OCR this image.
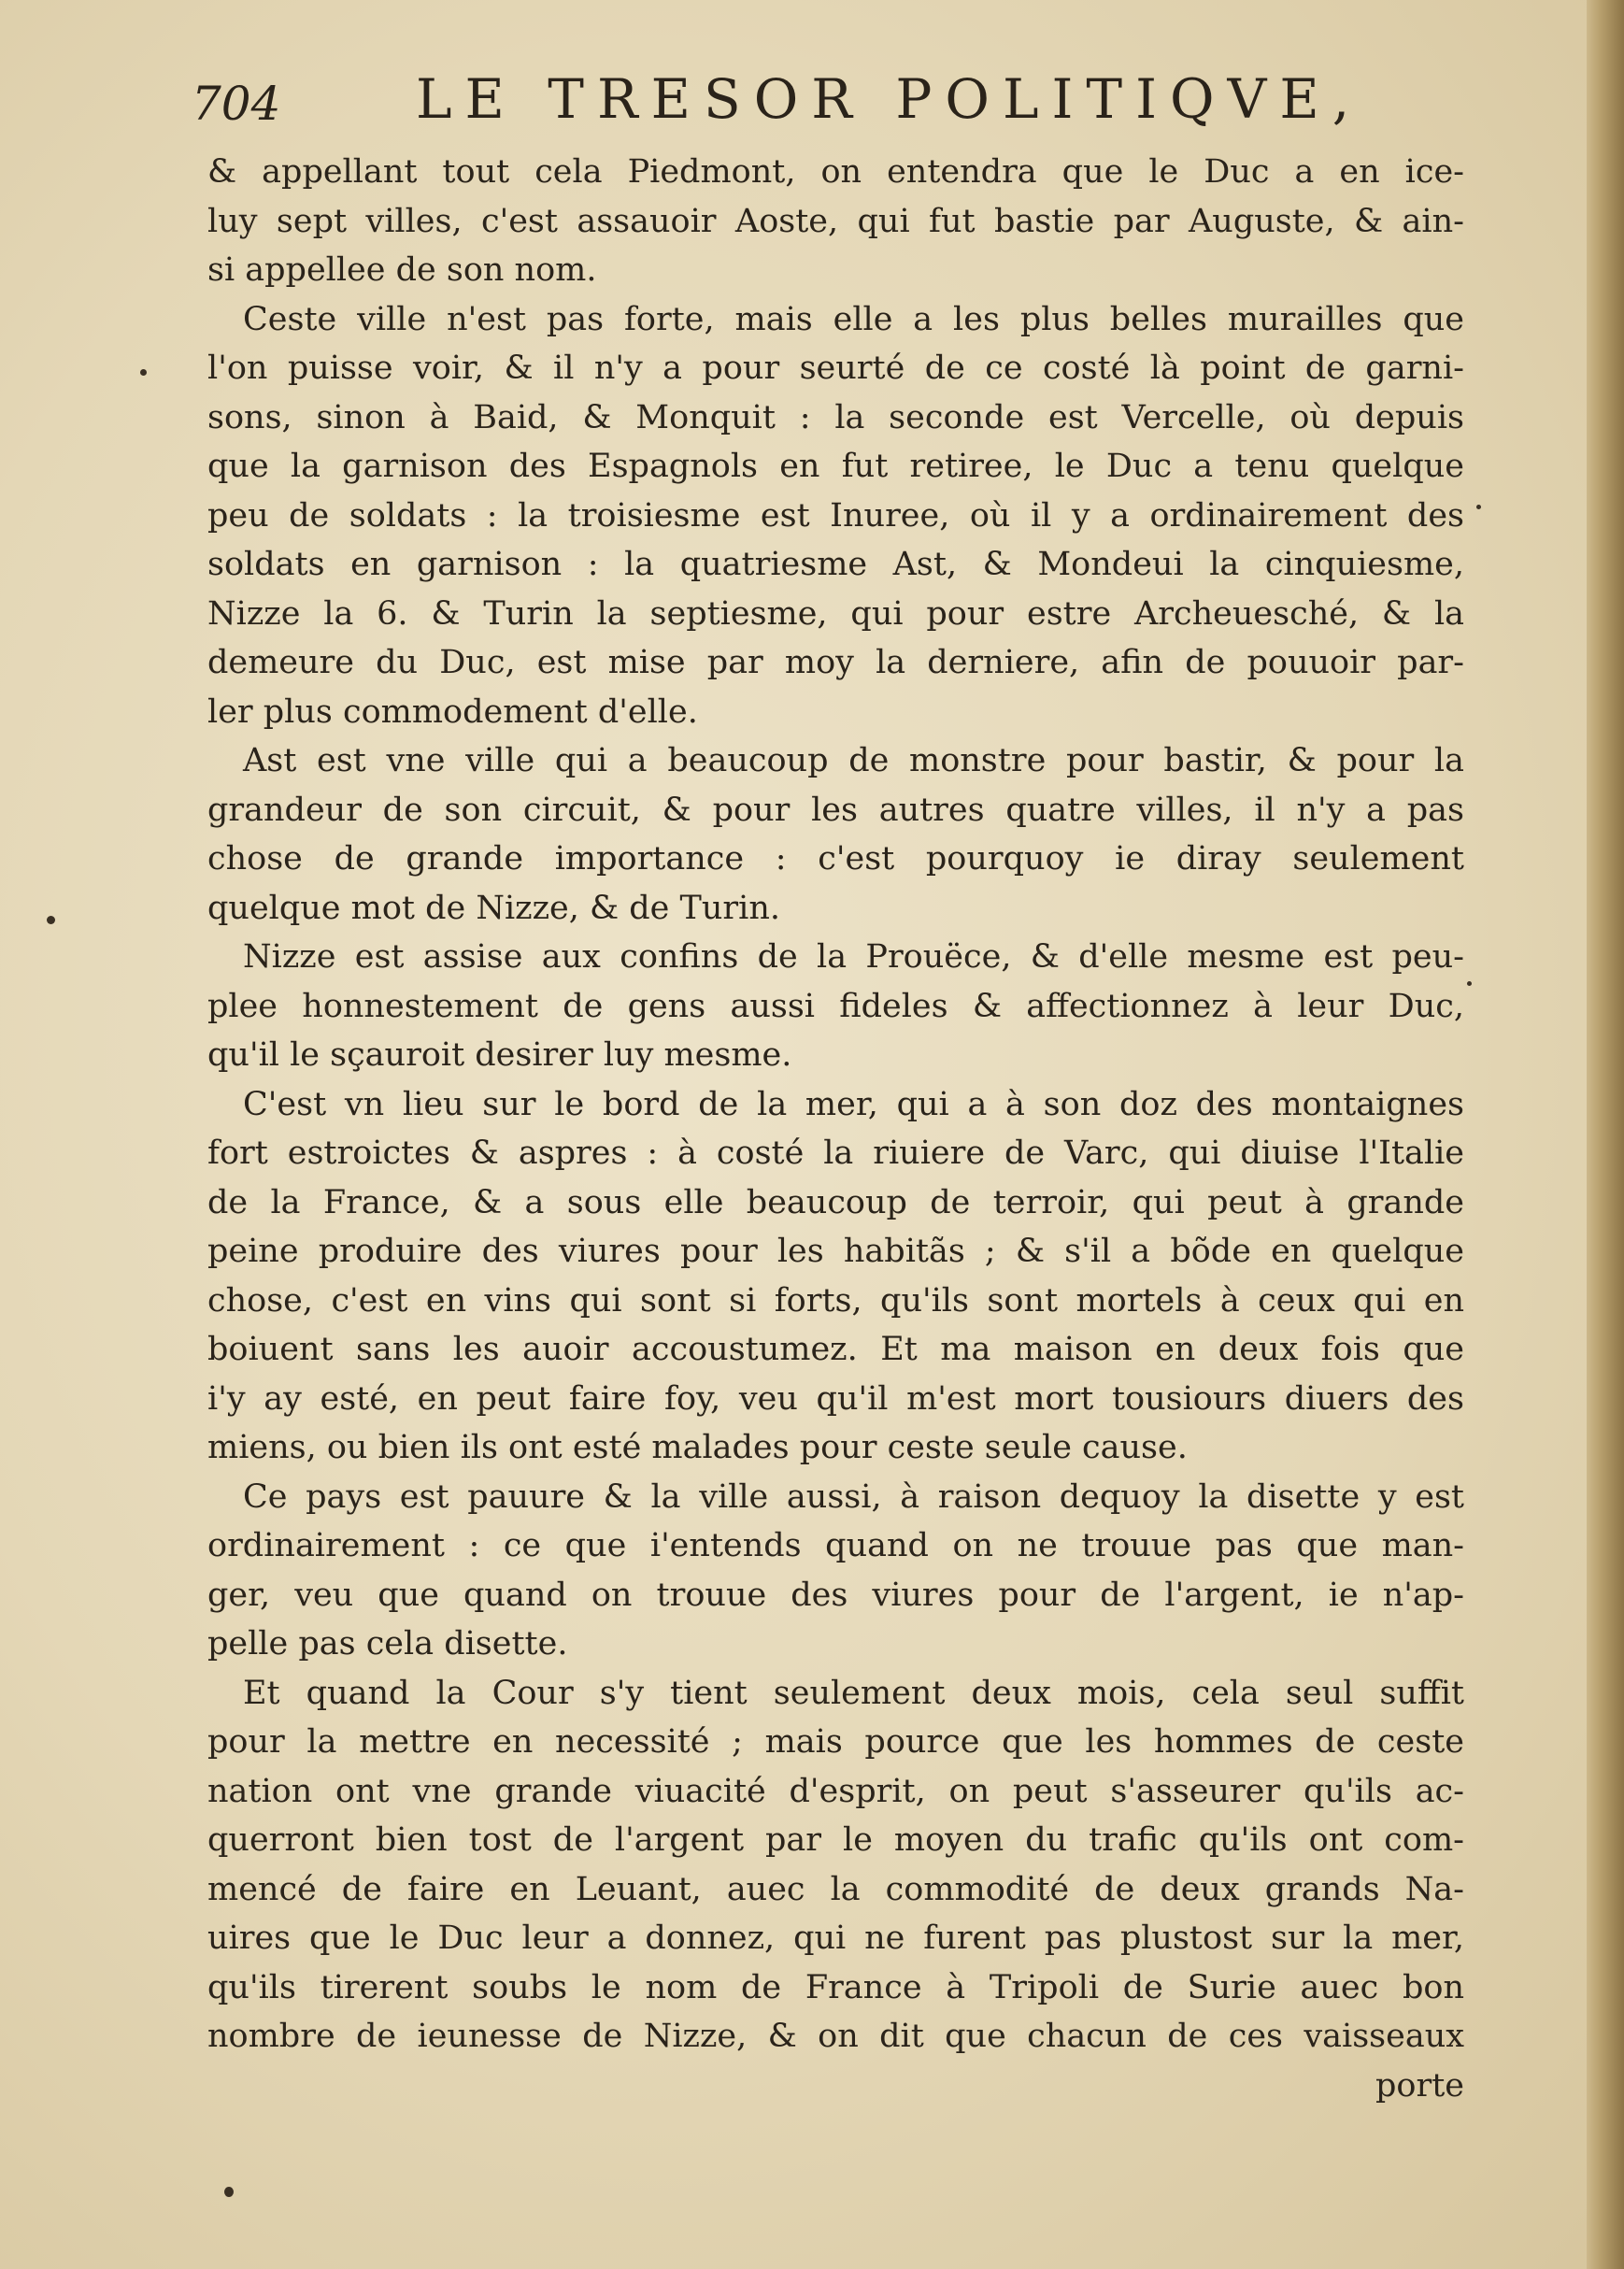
704 LE TRESOR POLITIQVE,
& appellant tout cela Piedmont, on entendra que le Duc a en ice-
luy sept villes, c'est assauoir Aoste, qui fut bastie par Auguste, & ain-
si appellee de son nom.
Ceste ville n'est pas forte, mais elle a les plus belles murailles que
l'on puisse voir, & il n'y a pour seurté de ce costé là point de garni-
sons, sinon à Baid, & Monquit : la seconde est Vercelle, où depuis
que la garnison des Espagnols en fut retiree, le Duc a tenu quelque
peu de soldats : la troisiesme est Inuree, où il y a ordinairement des
soldats en garnison : la quatriesme Ast, & Mondeui la cinquiesme,
Nizze la 6. & Turin la septiesme, qui pour estre Archeuesché, & la
demeure du Duc, est mise par moy la derniere, afin de pouuoir par-
ler plus commodement d'elle.
Ast est vne ville qui a beaucoup de monstre pour bastir, & pour la
grandeur de son circuit, & pour les autres quatre villes, il n'y a pas
chose de grande importance : c'est pourquoy ie diray seulement
quelque mot de Nizze, & de Turin.
Nizze est assise aux confins de la Prouëce, & d'elle mesme est peu-
plee honnestement de gens aussi fideles & affectionnez à leur Duc,
qu'il le sçauroit desirer luy mesme.
C'est vn lieu sur le bord de la mer, qui a à son doz des montaignes
fort estroictes & aspres : à costé la riuiere de Varc, qui diuise l'Italie
de la France, & a sous elle beaucoup de terroir, qui peut à grande
peine produire des viures pour les habitãs ; & s'il a bõde en quelque
chose, c'est en vins qui sont si forts, qu'ils sont mortels à ceux qui en
boiuent sans les auoir accoustumez. Et ma maison en deux fois que
i'y ay esté, en peut faire foy, veu qu'il m'est mort tousiours diuers des
miens, ou bien ils ont esté malades pour ceste seule cause.
Ce pays est pauure & la ville aussi, à raison dequoy la disette y est
ordinairement : ce que i'entends quand on ne trouue pas que man-
ger, veu que quand on trouue des viures pour de l'argent, ie n'ap-
pelle pas cela disette.
Et quand la Cour s'y tient seulement deux mois, cela seul suffit
pour la mettre en necessité ; mais pource que les hommes de ceste
nation ont vne grande viuacité d'esprit, on peut s'asseurer qu'ils ac-
querront bien tost de l'argent par le moyen du trafic qu'ils ont com-
mencé de faire en Leuant, auec la commodité de deux grands Na-
uires que le Duc leur a donnez, qui ne furent pas plustost sur la mer,
qu'ils tirerent soubs le nom de France à Tripoli de Surie auec bon
nombre de ieunesse de Nizze, & on dit que chacun de ces vaisseaux
porte
